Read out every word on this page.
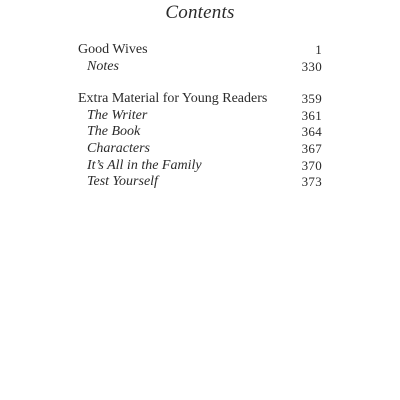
Contents
Good Wives	1
Notes	330
Extra Material for Young Readers	359
The Writer	361
The Book	364
Characters	367
It’s All in the Family	370
Test Yourself	373
